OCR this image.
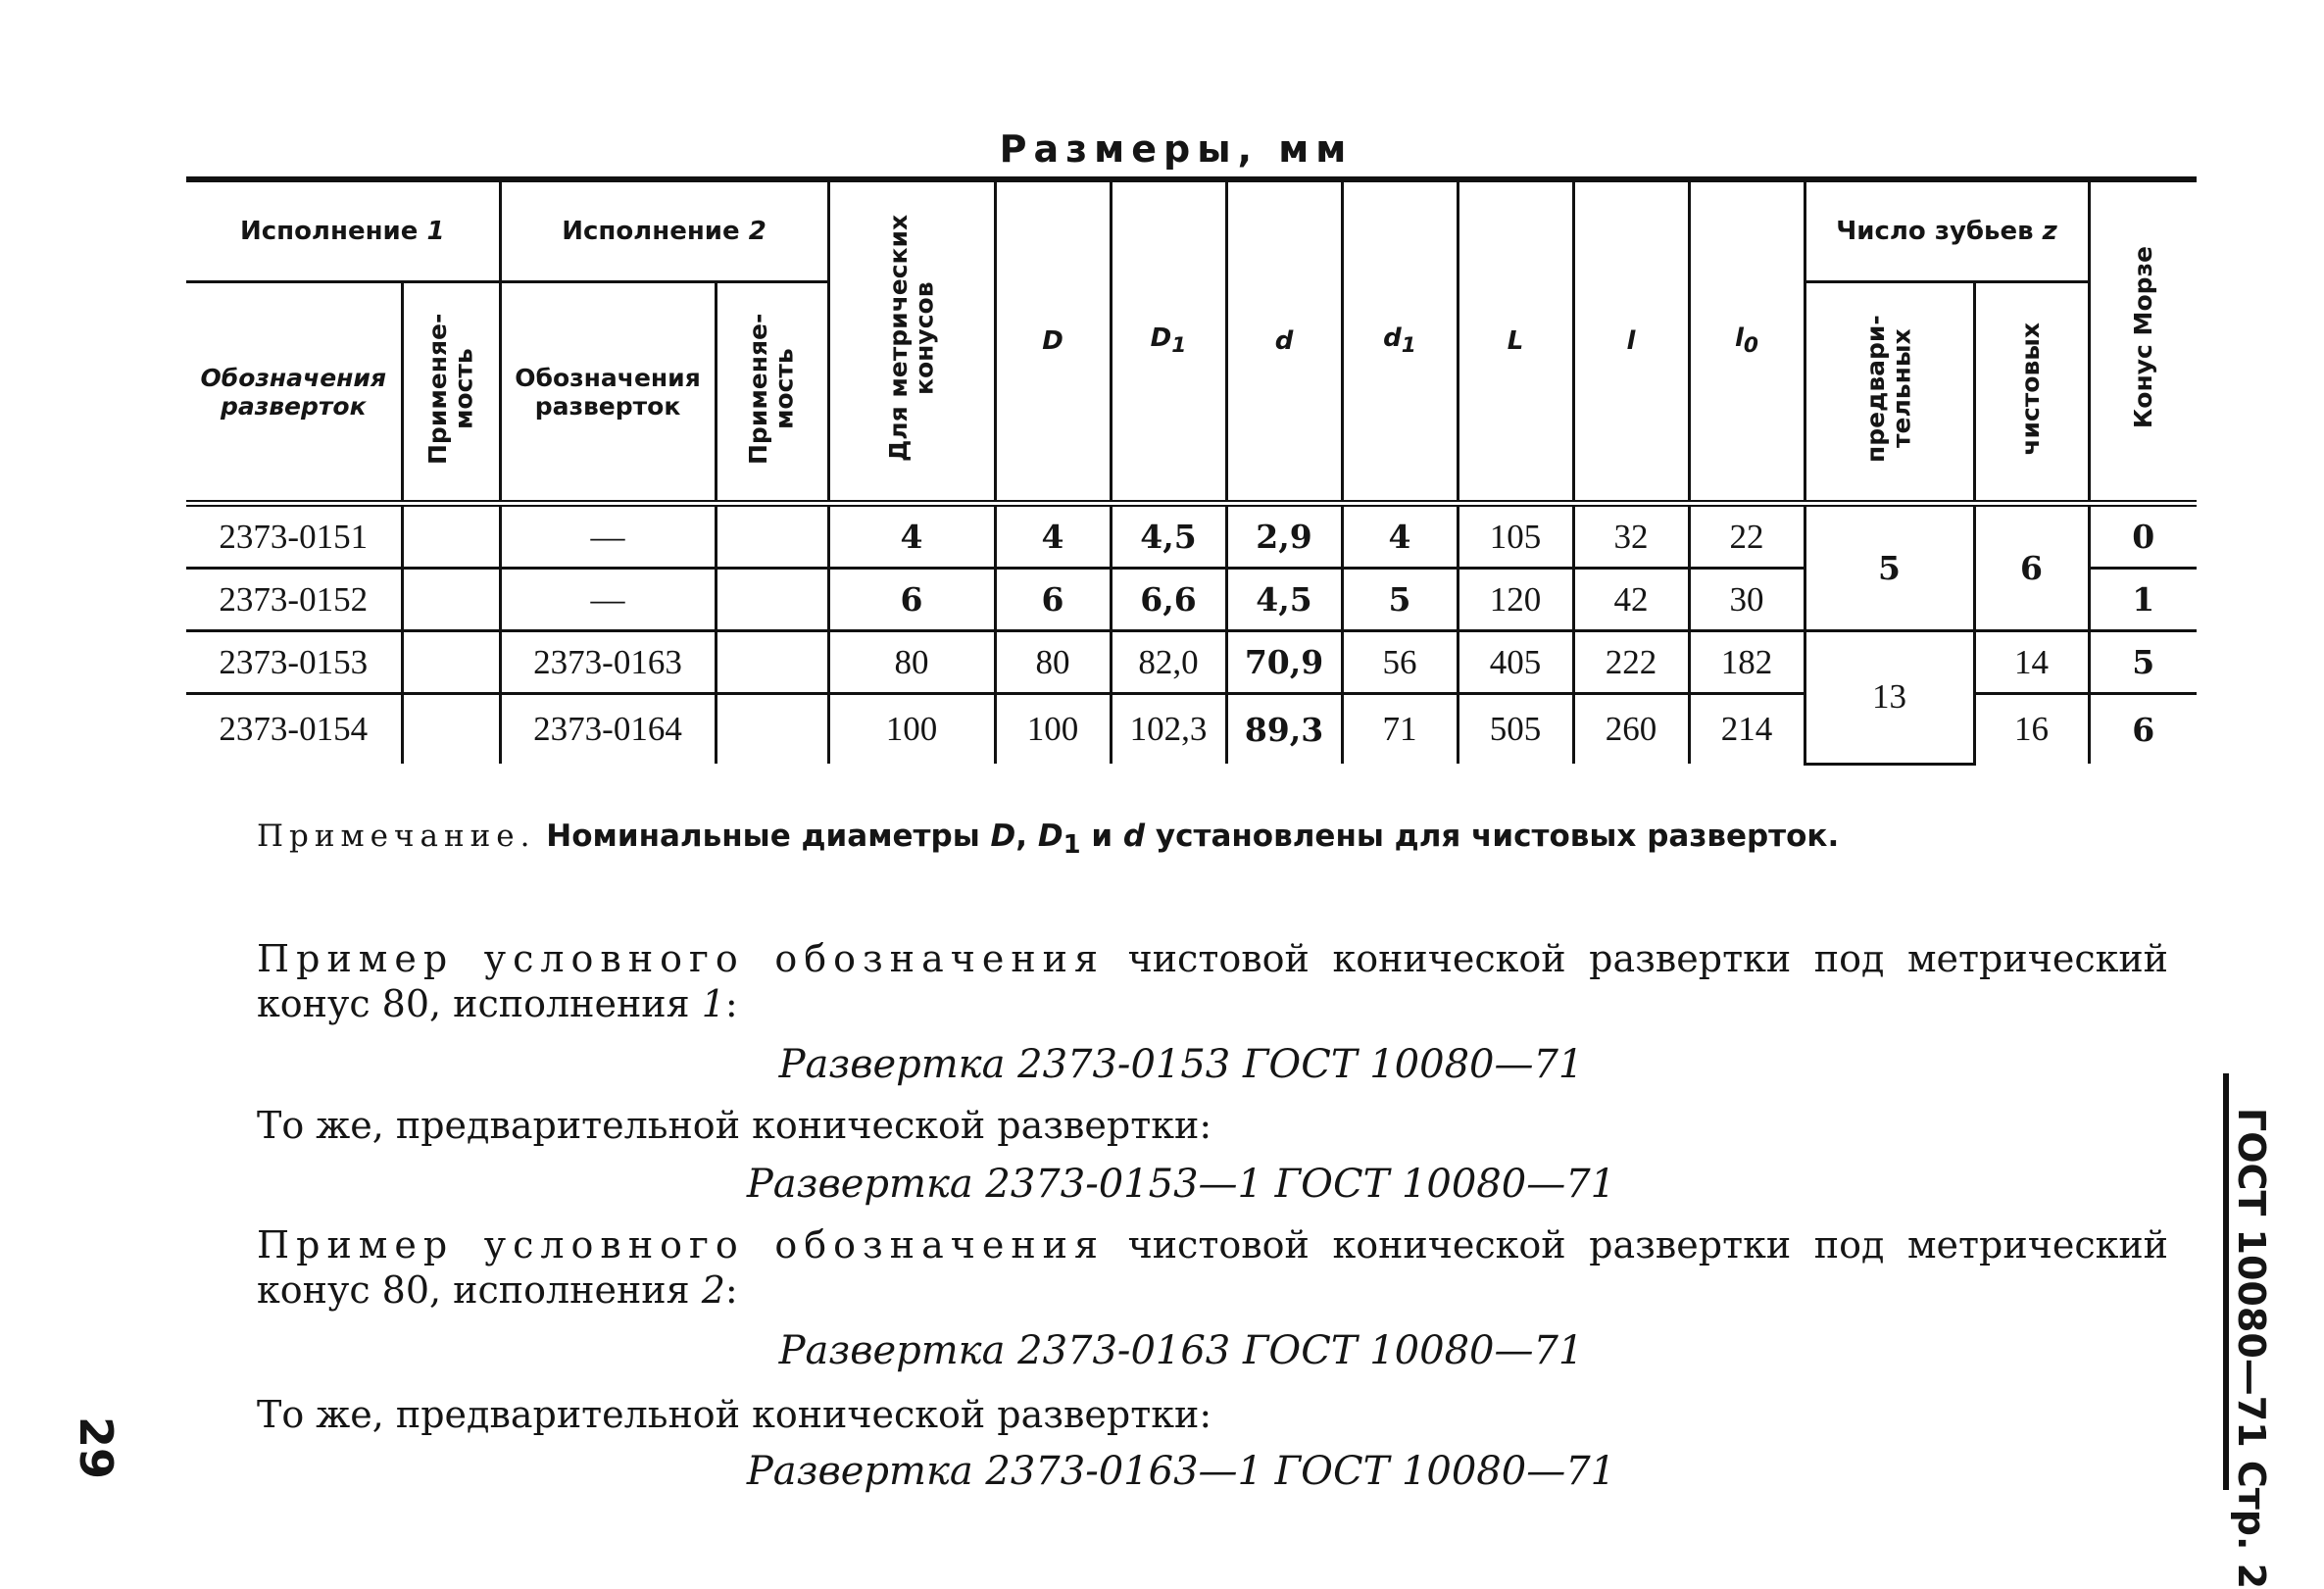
Размеры, мм
Исполнение 1		Исполнение 2		Для метрических конусов	D	$D_1$	d	$d_1$	L	l	$l_0$	Число зубьев z		Конус Морзе
Обозначения разверток	Применяе- мость	Обозначения разверток	Применяе- мость									предвари- тельных	чистовых	
2373-0151		—		4	4	4,5	2,9	4	105	32	22	5	6	0
2373-0152		—		6	6	6,6	4,5	5	120	42	30			1
2373-0153		2373-0163		80	80	82,0	70,9	56	405	222	182	13	14	5
2373-0154		2373-0164		100	100	102,3	89,3	71	505	260	214		16	6
Примечание. Номинальные диаметры D, $D_1$ и d установлены для чистовых разверток.
Пример условного обозначения чистовой конической развертки под метрический конус 80, исполнения 1:
Развертка 2373-0153 ГОСТ 10080—71
То же, предварительной конической развертки:
Развертка 2373-0153—1 ГОСТ 10080—71
Пример условного обозначения чистовой конической развертки под метрический конус 80, исполнения 2:
Развертка 2373-0163 ГОСТ 10080—71
То же, предварительной конической развертки:
Развертка 2373-0163—1 ГОСТ 10080—71	ГОСТ 10080—71 Стр. 2
29
